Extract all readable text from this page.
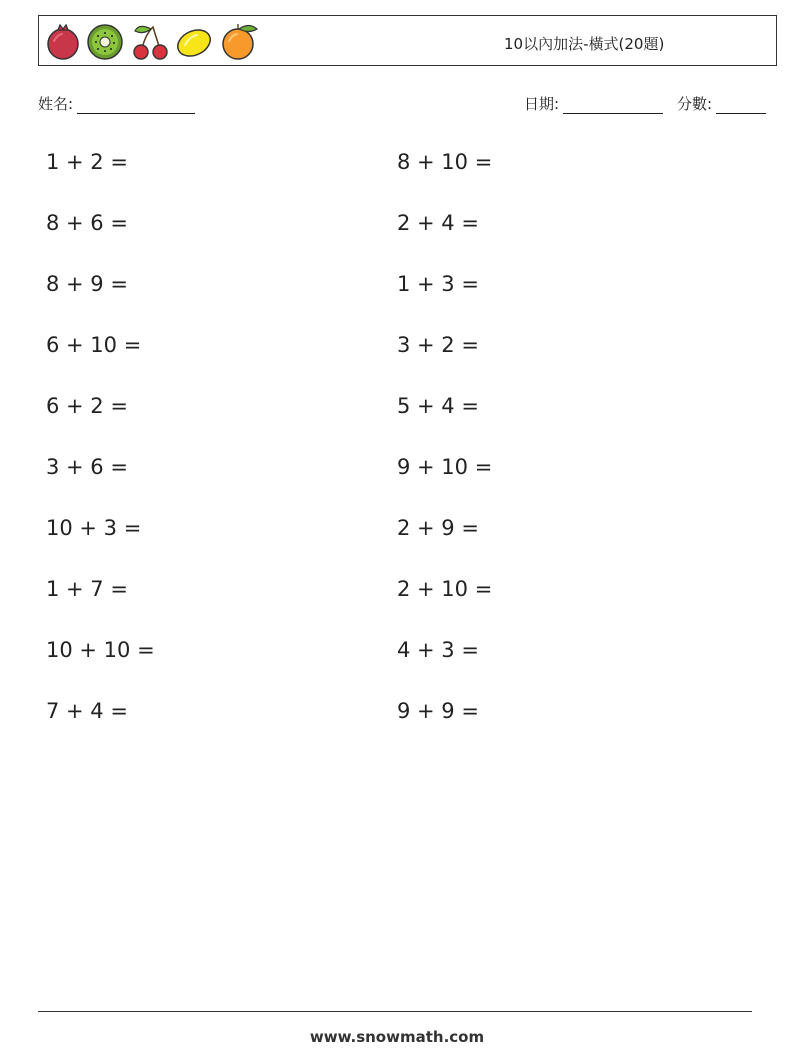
10以內加法-橫式(20題)
姓名:	日期:	分數:
1 + 2 =
8 + 6 =
8 + 9 =
6 + 10 =
6 + 2 =
3 + 6 =
10 + 3 =
1 + 7 =
10 + 10 =
7 + 4 =
8 + 10 =
2 + 4 =
1 + 3 =
3 + 2 =
5 + 4 =
9 + 10 =
2 + 9 =
2 + 10 =
4 + 3 =
9 + 9 =
www.snowmath.com
